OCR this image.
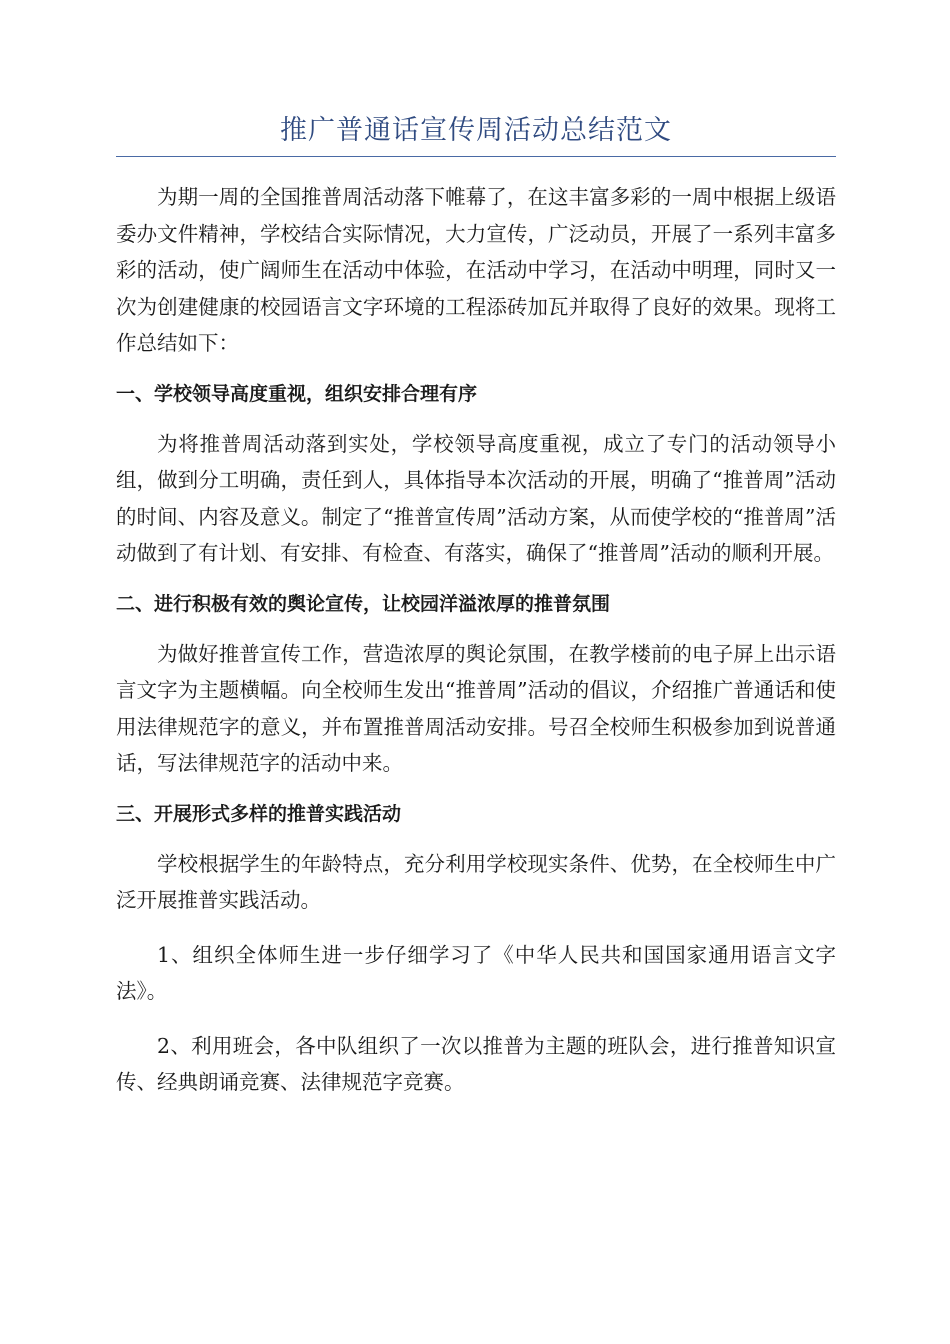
推广普通话宣传周活动总结范文

为期一周的全国推普周活动落下帷幕了，在这丰富多彩的一周中根据上级语委办文件精神，学校结合实际情况，大力宣传，广泛动员，开展了一系列丰富多彩的活动，使广阔师生在活动中体验，在活动中学习，在活动中明理，同时又一次为创建健康的校园语言文字环境的工程添砖加瓦并取得了良好的效果。现将工作总结如下：

一、学校领导高度重视，组织安排合理有序

为将推普周活动落到实处，学校领导高度重视，成立了专门的活动领导小组，做到分工明确，责任到人，具体指导本次活动的开展，明确了“推普周”活动的时间、内容及意义。制定了“推普宣传周”活动方案，从而使学校的“推普周”活动做到了有计划、有安排、有检查、有落实，确保了“推普周”活动的顺利开展。

二、进行积极有效的舆论宣传，让校园洋溢浓厚的推普氛围

为做好推普宣传工作，营造浓厚的舆论氛围，在教学楼前的电子屏上出示语言文字为主题横幅。向全校师生发出“推普周”活动的倡议，介绍推广普通话和使用法律规范字的意义，并布置推普周活动安排。号召全校师生积极参加到说普通话，写法律规范字的活动中来。

三、开展形式多样的推普实践活动

学校根据学生的年龄特点，充分利用学校现实条件、优势，在全校师生中广泛开展推普实践活动。

1、组织全体师生进一步仔细学习了《中华人民共和国国家通用语言文字法》。

2、利用班会，各中队组织了一次以推普为主题的班队会，进行推普知识宣传、经典朗诵竞赛、法律规范字竞赛。
